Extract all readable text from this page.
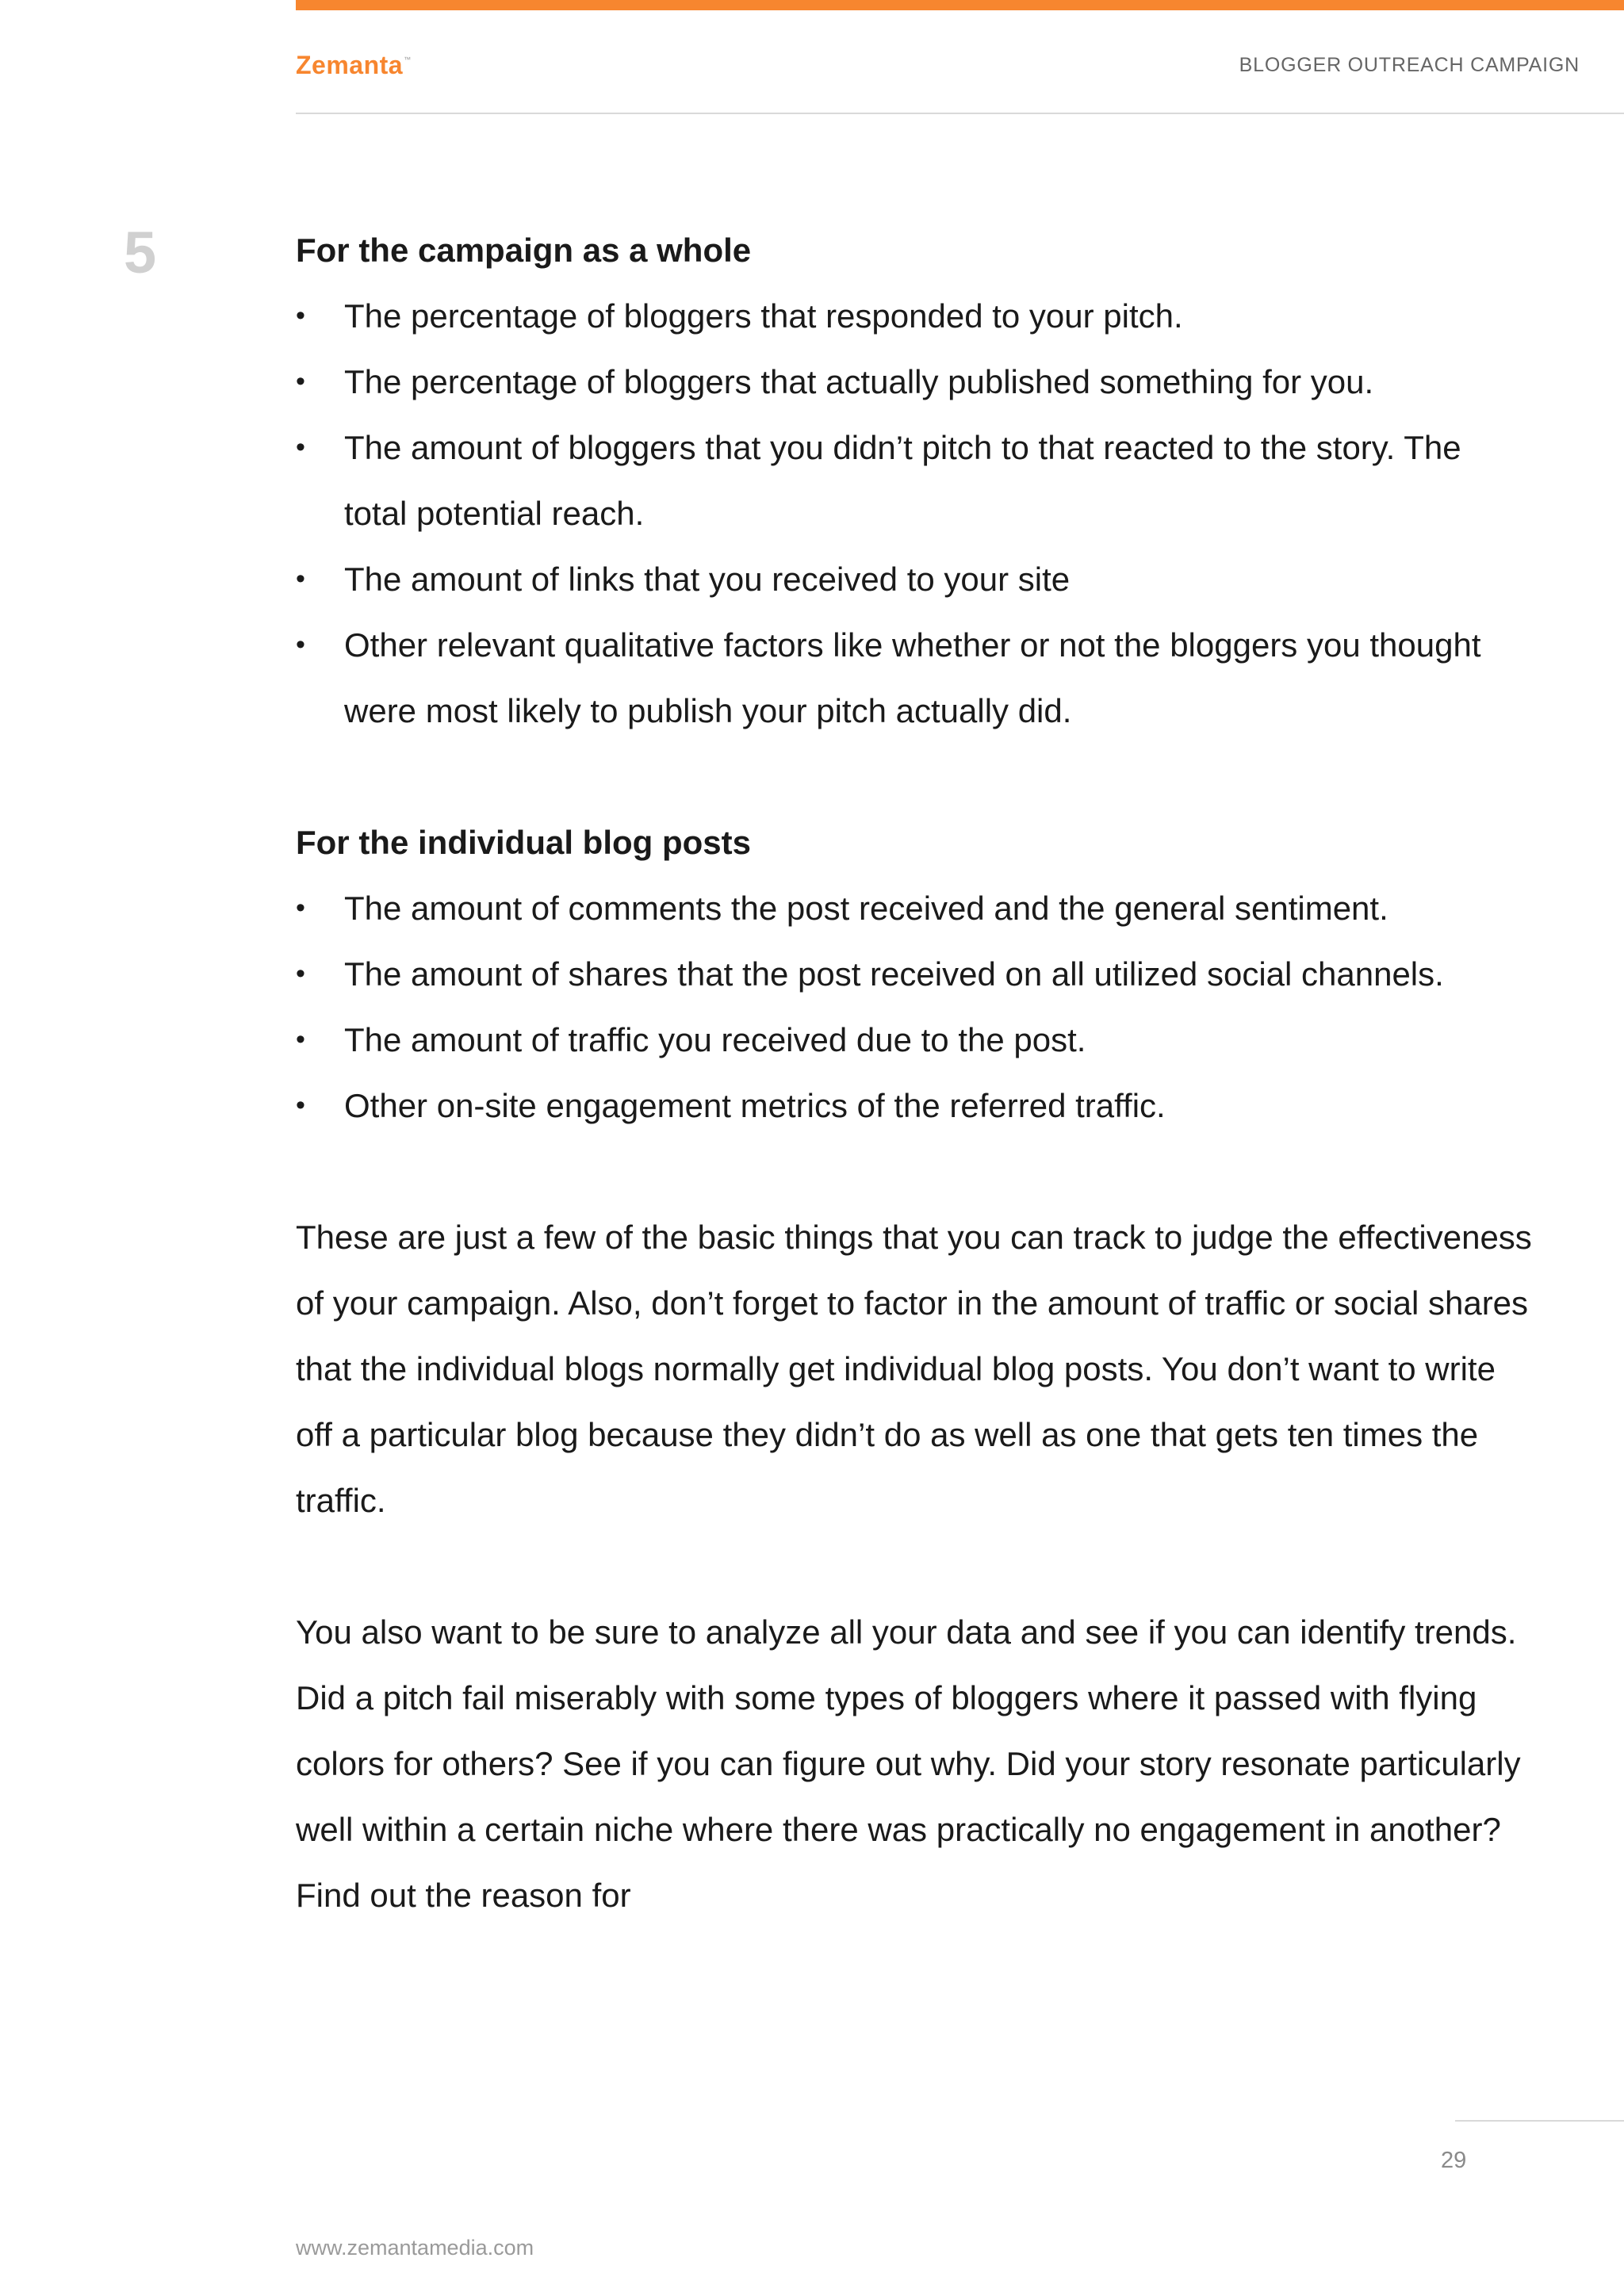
Zemanta™	BLOGGER OUTREACH CAMPAIGN
5	For the campaign as a whole
• The percentage of bloggers that responded to your pitch.
• The percentage of bloggers that actually published something for you.
• The amount of bloggers that you didn’t pitch to that reacted to the story. The total potential reach.
• The amount of links that you received to your site
• Other relevant qualitative factors like whether or not the bloggers you thought were most likely to publish your pitch actually did.
For the individual blog posts
• The amount of comments the post received and the general sentiment.
• The amount of shares that the post received on all utilized social channels.
• The amount of traffic you received due to the post.
• Other on-site engagement metrics of the referred traffic.

These are just a few of the basic things that you can track to judge the effectiveness of your campaign. Also, don’t forget to factor in the amount of traffic or social shares that the individual blogs normally get individual blog posts. You don’t want to write off a particular blog because they didn’t do as well as one that gets ten times the traffic.

You also want to be sure to analyze all your data and see if you can identify trends. Did a pitch fail miserably with some types of bloggers where it passed with flying colors for others? See if you can figure out why. Did your story resonate particularly well within a certain niche where there was practically no engagement in another? Find out the reason for

29
www.zemantamedia.com
